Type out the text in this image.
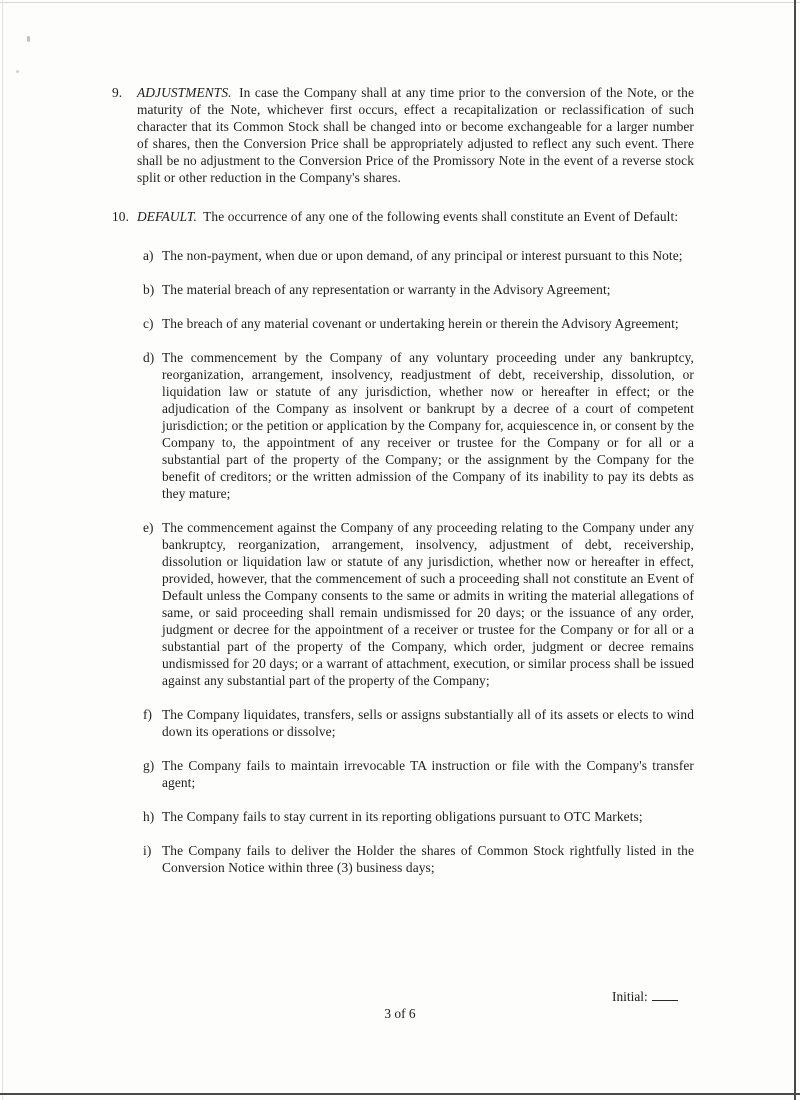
9.	ADJUSTMENTS. In case the Company shall at any time prior to the conversion of the Note, or the maturity of the Note, whichever first occurs, effect a recapitalization or reclassification of such character that its Common Stock shall be changed into or become exchangeable for a larger number of shares, then the Conversion Price shall be appropriately adjusted to reflect any such event. There shall be no adjustment to the Conversion Price of the Promissory Note in the event of a reverse stock split or other reduction in the Company's shares.
10. DEFAULT. The occurrence of any one of the following events shall constitute an Event of Default:
a) The non-payment, when due or upon demand, of any principal or interest pursuant to this Note;

b) The material breach of any representation or warranty in the Advisory Agreement;

c) The breach of any material covenant or undertaking herein or therein the Advisory Agreement;

d) The commencement by the Company of any voluntary proceeding under any bankruptcy, reorganization, arrangement, insolvency, readjustment of debt, receivership, dissolution, or liquidation law or statute of any jurisdiction, whether now or hereafter in effect; or the adjudication of the Company as insolvent or bankrupt by a decree of a court of competent jurisdiction; or the petition or application by the Company for, acquiescence in, or consent by the Company to, the appointment of any receiver or trustee for the Company or for all or a substantial part of the property of the Company; or the assignment by the Company for the benefit of creditors; or the written admission of the Company of its inability to pay its debts as they mature;

e) The commencement against the Company of any proceeding relating to the Company under any bankruptcy, reorganization, arrangement, insolvency, adjustment of debt, receivership, dissolution or liquidation law or statute of any jurisdiction, whether now or hereafter in effect, provided, however, that the commencement of such a proceeding shall not constitute an Event of Default unless the Company consents to the same or admits in writing the material allegations of same, or said proceeding shall remain undismissed for 20 days; or the issuance of any order, judgment or decree for the appointment of a receiver or trustee for the Company or for all or a substantial part of the property of the Company, which order, judgment or decree remains undismissed for 20 days; or a warrant of attachment, execution, or similar process shall be issued against any substantial part of the property of the Company;

f) The Company liquidates, transfers, sells or assigns substantially all of its assets or elects to wind down its operations or dissolve;

g) The Company fails to maintain irrevocable TA instruction or file with the Company's transfer agent;

h) The Company fails to stay current in its reporting obligations pursuant to OTC Markets;

i) The Company fails to deliver the Holder the shares of Common Stock rightfully listed in the Conversion Notice within three (3) business days;

Initial:
3 of 6
